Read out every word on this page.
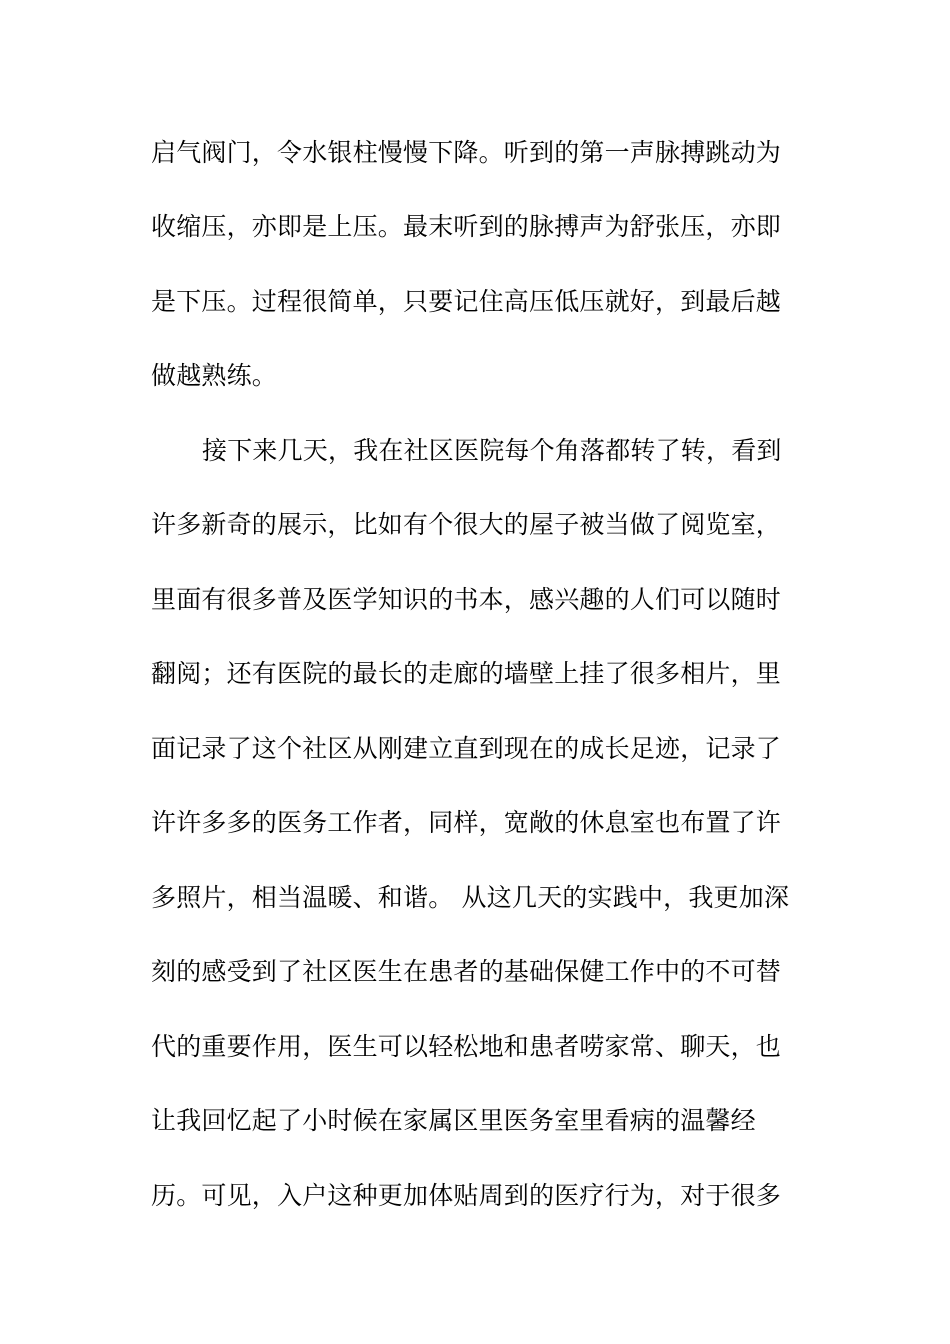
启气阀门，令水银柱慢慢下降。听到的第一声脉搏跳动为
收缩压，亦即是上压。最末听到的脉搏声为舒张压，亦即
是下压。过程很简单，只要记住高压低压就好，到最后越
做越熟练。
接下来几天，我在社区医院每个角落都转了转，看到
许多新奇的展示，比如有个很大的屋子被当做了阅览室，
里面有很多普及医学知识的书本，感兴趣的人们可以随时
翻阅；还有医院的最长的走廊的墙壁上挂了很多相片，里
面记录了这个社区从刚建立直到现在的成长足迹，记录了
许许多多的医务工作者，同样，宽敞的休息室也布置了许
多照片，相当温暖、和谐。 从这几天的实践中，我更加深
刻的感受到了社区医生在患者的基础保健工作中的不可替
代的重要作用，医生可以轻松地和患者唠家常、聊天，也
让我回忆起了小时候在家属区里医务室里看病的温馨经
历。可见，入户这种更加体贴周到的医疗行为，对于很多
